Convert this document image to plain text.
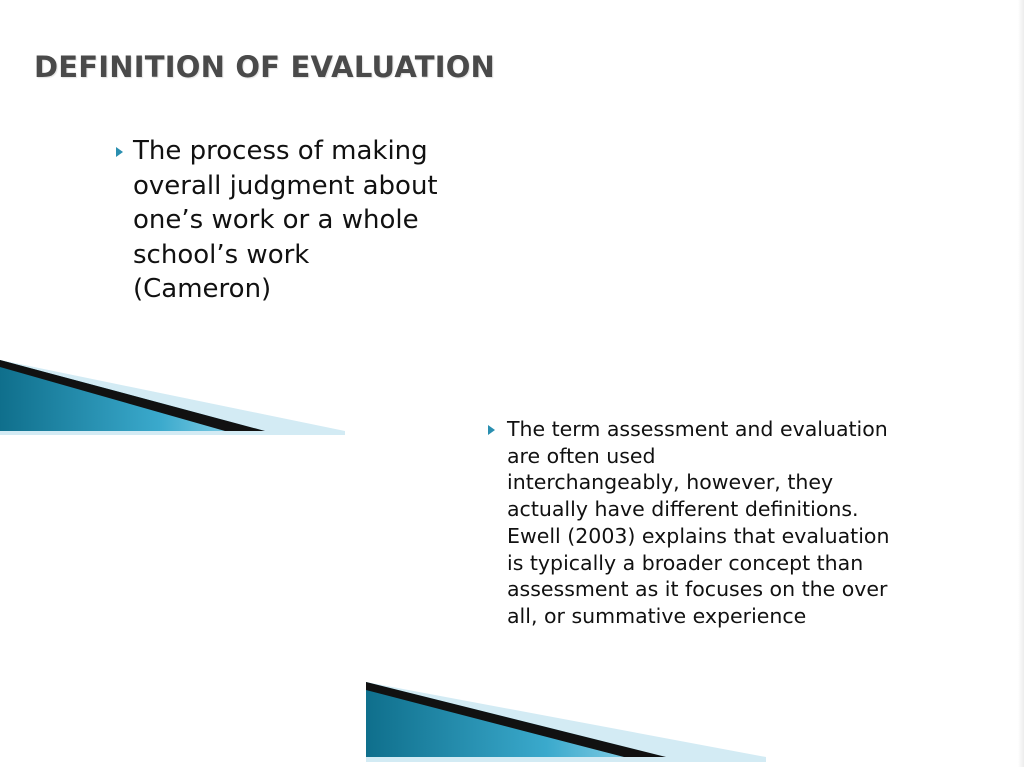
DEFINITION OF EVALUATION
The process of making
overall judgment about
one’s work or a whole
school’s work
(Cameron)
The term assessment and evaluation
are often used
interchangeably, however, they
actually have different definitions.
Ewell (2003) explains that evaluation
is typically a broader concept than
assessment as it focuses on the over
all, or summative experience
